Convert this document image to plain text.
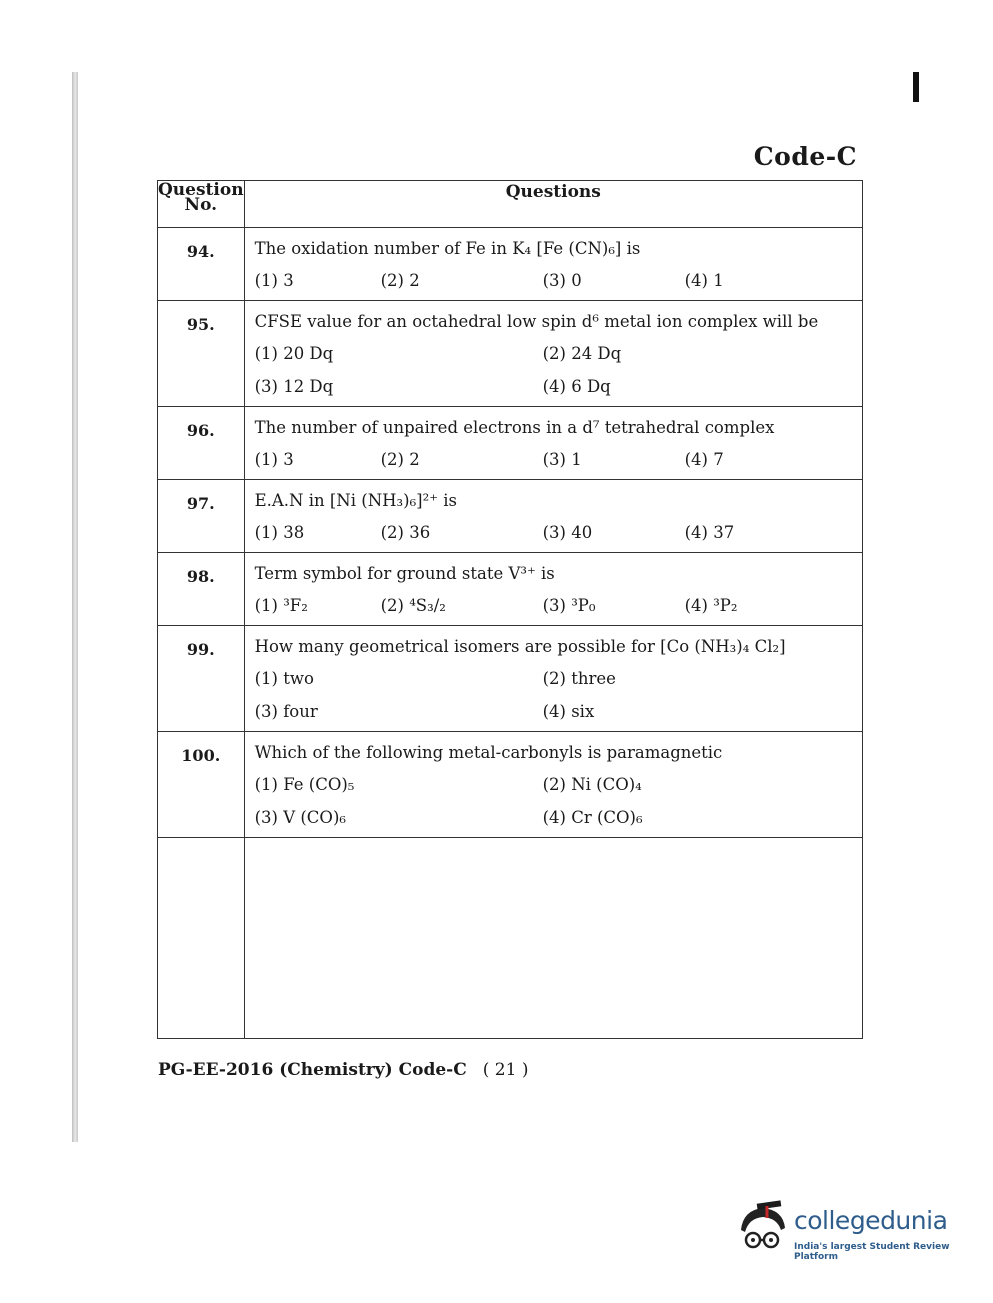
Code-C
Question No.	Questions
94.	The oxidation number of Fe in K₄ [Fe (CN)₆] is
(1) 3 (2) 2 (3) 0 (4) 1

95.	CFSE value for an octahedral low spin d⁶ metal ion complex will be
(1) 20 Dq (2) 24 Dq
(3) 12 Dq (4) 6 Dq

96.	The number of unpaired electrons in a d⁷ tetrahedral complex
(1) 3 (2) 2 (3) 1 (4) 7

97.	E.A.N in [Ni (NH₃)₆]²⁺ is
(1) 38 (2) 36 (3) 40 (4) 37

98.	Term symbol for ground state V³⁺ is
(1) ³F₂ (2) ⁴S₃/₂ (3) ³P₀ (4) ³P₂

99.	How many geometrical isomers are possible for [Co (NH₃)₄ Cl₂]
(1) two (2) three
(3) four (4) six

100.	Which of the following metal-carbonyls is paramagnetic
(1) Fe (CO)₅ (2) Ni (CO)₄
(3) V (CO)₆ (4) Cr (CO)₆

PG-EE-2016 (Chemistry) Code-C ( 21 )
collegedunia
India's largest Student Review Platform
